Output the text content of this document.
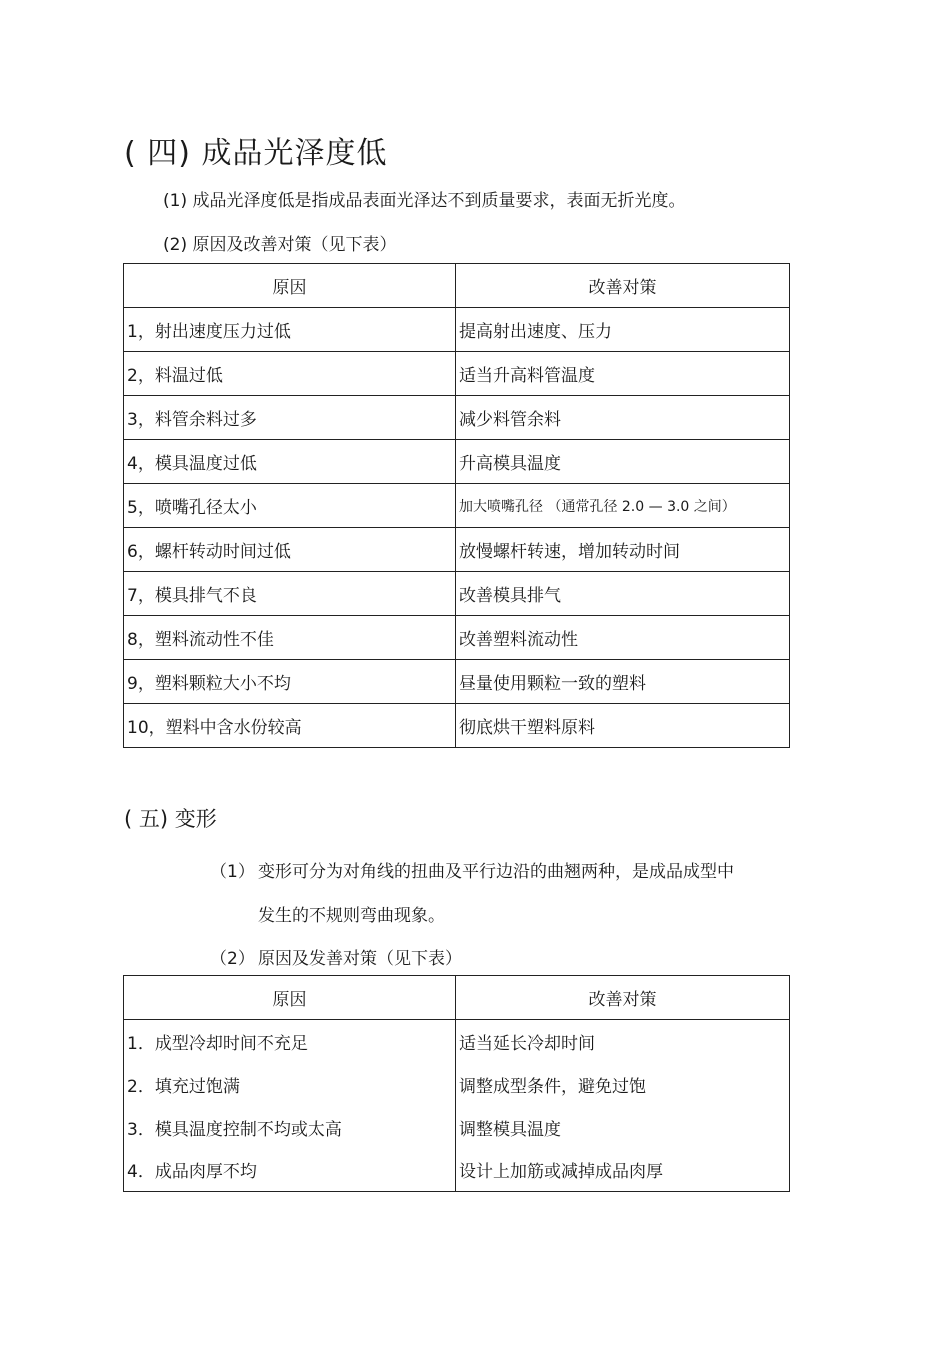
( 四) 成品光泽度低
(1) 成品光泽度低是指成品表面光泽达不到质量要求，表面无折光度。
(2) 原因及改善对策（见下表）
原因	改善对策
1，射出速度压力过低	提高射出速度、压力
2，料温过低	适当升高料管温度
3，料管余料过多	减少料管余料
4，模具温度过低	升高模具温度
5，喷嘴孔径太小	加大喷嘴孔径 （通常孔径 2.0 — 3.0 之间）
6，螺杆转动时间过低	放慢螺杆转速，增加转动时间
7，模具排气不良	改善模具排气
8，塑料流动性不佳	改善塑料流动性
9，塑料颗粒大小不均	昼量使用颗粒一致的塑料
10，塑料中含水份较高	彻底烘干塑料原料
( 五) 变形
（1） 变形可分为对角线的扭曲及平行边沿的曲翘两种，是成品成型中
发生的不规则弯曲现象。
（2） 原因及发善对策（见下表）
原因	改善对策
1．成型冷却时间不充足	适当延长冷却时间
2．填充过饱满	调整成型条件，避免过饱
3．模具温度控制不均或太高	调整模具温度
4．成品肉厚不均	设计上加筋或减掉成品肉厚
